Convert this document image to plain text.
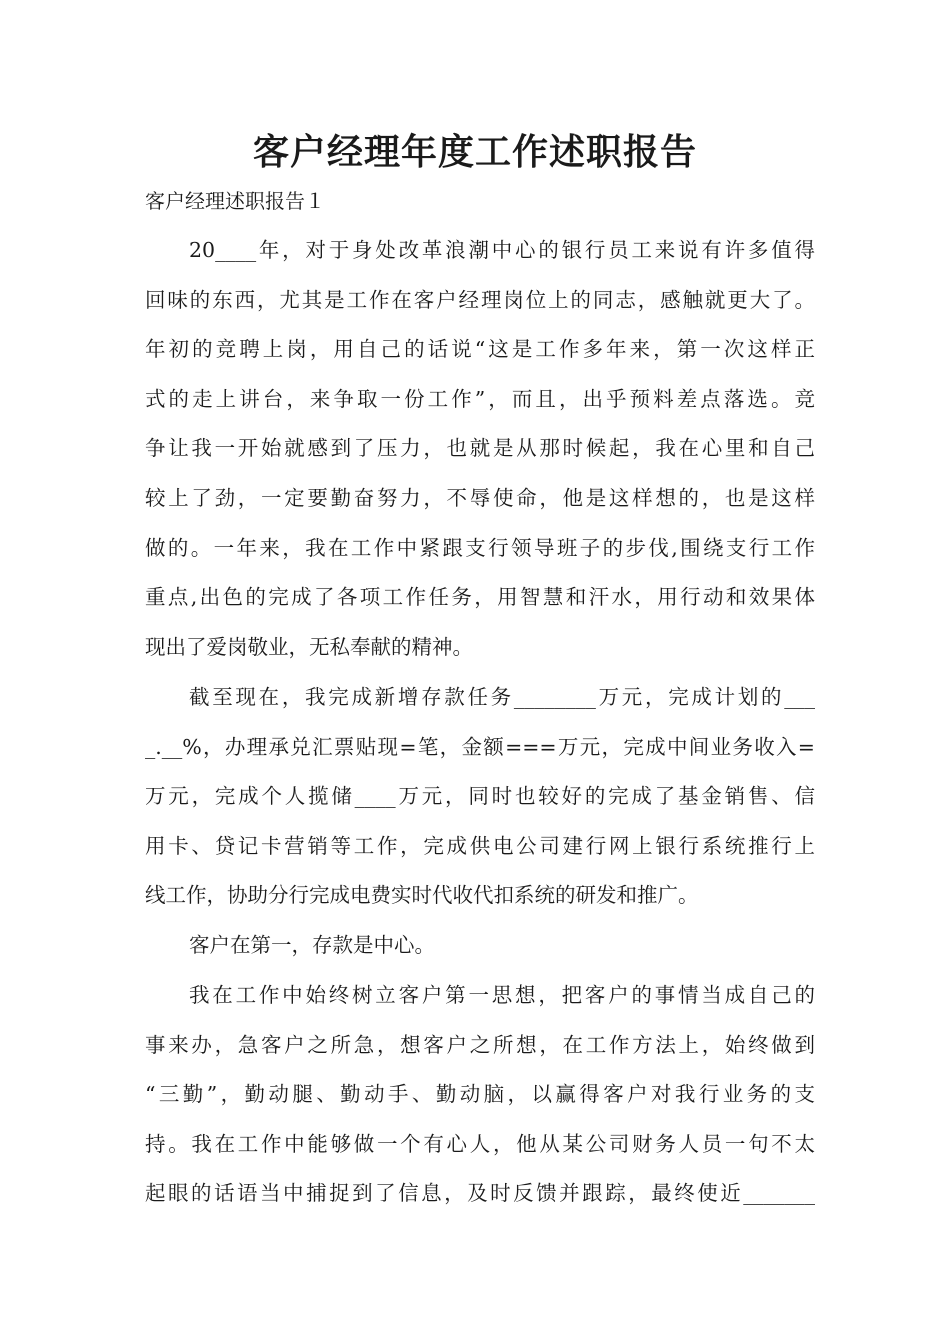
客户经理年度工作述职报告

客户经理述职报告１

20____年，对于身处改革浪潮中心的银行员工来说有许多值得
回味的东西，尤其是工作在客户经理岗位上的同志，感触就更大了。
年初的竞聘上岗，用自己的话说“这是工作多年来，第一次这样正
式的走上讲台，来争取一份工作”，而且，出乎预料差点落选。竞
争让我一开始就感到了压力，也就是从那时候起，我在心里和自己
较上了劲，一定要勤奋努力，不辱使命，他是这样想的，也是这样
做的。一年来，我在工作中紧跟支行领导班子的步伐,围绕支行工作
重点,出色的完成了各项工作任务，用智慧和汗水，用行动和效果体
现出了爱岗敬业，无私奉献的精神。
截至现在，我完成新增存款任务________万元，完成计划的___
_.__%，办理承兑汇票贴现=笔，金额===万元，完成中间业务收入=
万元，完成个人揽储____万元，同时也较好的完成了基金销售、信
用卡、贷记卡营销等工作，完成供电公司建行网上银行系统推行上
线工作，协助分行完成电费实时代收代扣系统的研发和推广。
客户在第一，存款是中心。
我在工作中始终树立客户第一思想，把客户的事情当成自己的
事来办，急客户之所急，想客户之所想，在工作方法上，始终做到
“三勤”，勤动腿、勤动手、勤动脑，以赢得客户对我行业务的支
持。我在工作中能够做一个有心人，他从某公司财务人员一句不太
起眼的话语当中捕捉到了信息，及时反馈并跟踪，最终使近_______
